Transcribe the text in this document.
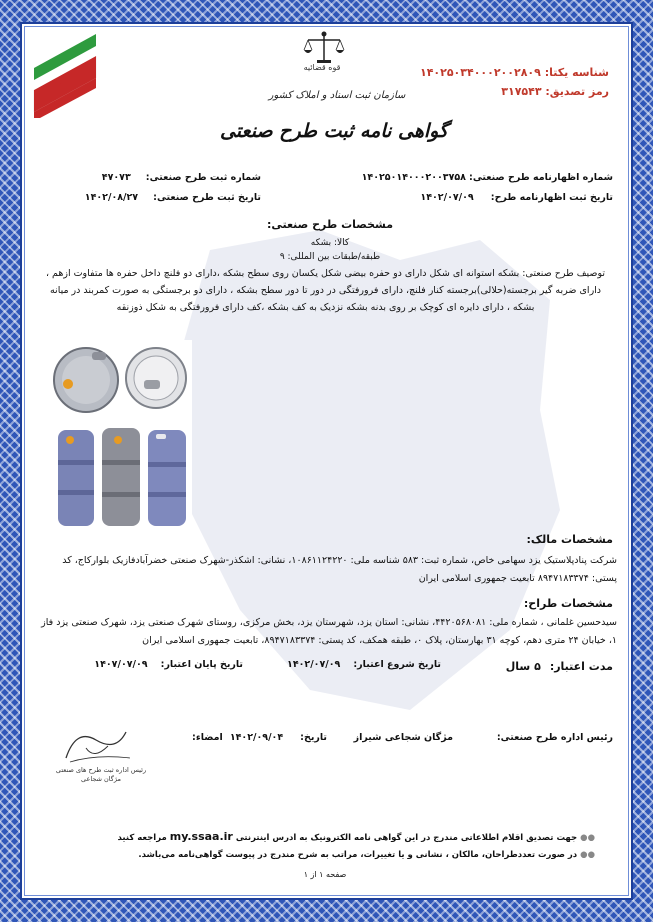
قوه قضائیه
سازمان ثبت اسناد و املاک کشور
گواهی نامه ثبت طرح صنعتی
شناسه یکتا: ۱۴۰۲۵۰۳۴۰۰۰۲۰۰۲۸۰۹
رمز تصدیق: ۳۱۷۵۴۳
شماره اظهارنامه طرح صنعتی: ۱۴۰۲۵۰۱۴۰۰۰۲۰۰۳۷۵۸
شماره ثبت طرح صنعتی: ۴۷۰۷۳
تاریخ ثبت اظهارنامه طرح: ۱۴۰۲/۰۷/۰۹
تاریخ ثبت طرح صنعتی: ۱۴۰۲/۰۸/۲۷
مشخصات طرح صنعتی:
کالا: بشکه
طبقه/طبقات بین المللی: ۹
توصیف طرح صنعتی: بشکه استوانه ای شکل دارای دو حفره بیضی شکل یکسان روی سطح بشکه ،دارای دو فلنچ داخل حفره ها متفاوت ازهم ، دارای ضربه گیر برجسته(حلالی)برجسته کنار فلنچ، دارای فرورفتگی در دور تا دور سطح بشکه ، دارای دو برجستگی به صورت کمربند در میانه بشکه ، دارای دایره ای کوچک بر روی بدنه بشکه نزدیک به کف بشکه ،کف دارای فرورفتگی به شکل ذوزنقه
مشخصات مالک:
شرکت پنادپلاستیک یزد سهامی خاص، شماره ثبت: ۵۸۳ شناسه ملی: ۱۰۸۶۱۱۲۴۲۲۰، نشانی: اشکذر-شهرک صنعتی خضرآبادفازیک بلوارکاج، کد پستی: ۸۹۴۷۱۸۳۳۷۴ تابعیت جمهوری اسلامی ایران
مشخصات طراح:
سیدحسین غلمانی ، شماره ملی: ۴۴۲۰۵۶۸۰۸۱، نشانی: استان یزد، شهرستان یزد، بخش مرکزی، روستای شهرک صنعتی یزد، شهرک صنعتی یزد فاز ۱، خیابان ۲۴ متری دهم، کوچه ۳۱ بهارستان، پلاک ۰، طبقه همکف، کد پستی: ۸۹۴۷۱۸۳۳۷۴، تابعیت جمهوری اسلامی ایران
مدت اعتبار: ۵ سال
تاریخ شروع اعتبار: ۱۴۰۲/۰۷/۰۹
تاریخ پایان اعتبار: ۱۴۰۷/۰۷/۰۹
رئیس اداره طرح صنعتی:
مژگان شجاعی شیراز
تاریخ: ۱۴۰۲/۰۹/۰۴ امضاء:
رئیس اداره ثبت طرح های صنعتی
مژگان شجاعی
●● جهت تصدیق اقلام اطلاعاتی مندرج در این گواهی نامه الکترونیک به ادرس اینترنتی my.ssaa.ir مراجعه کنید
●● در صورت تعددطراحان، مالکان ، نشانی و یا تغییرات، مراتب به شرح مندرج در پیوست گواهی‌نامه می‌باشد.
صفحه ۱ از ۱
